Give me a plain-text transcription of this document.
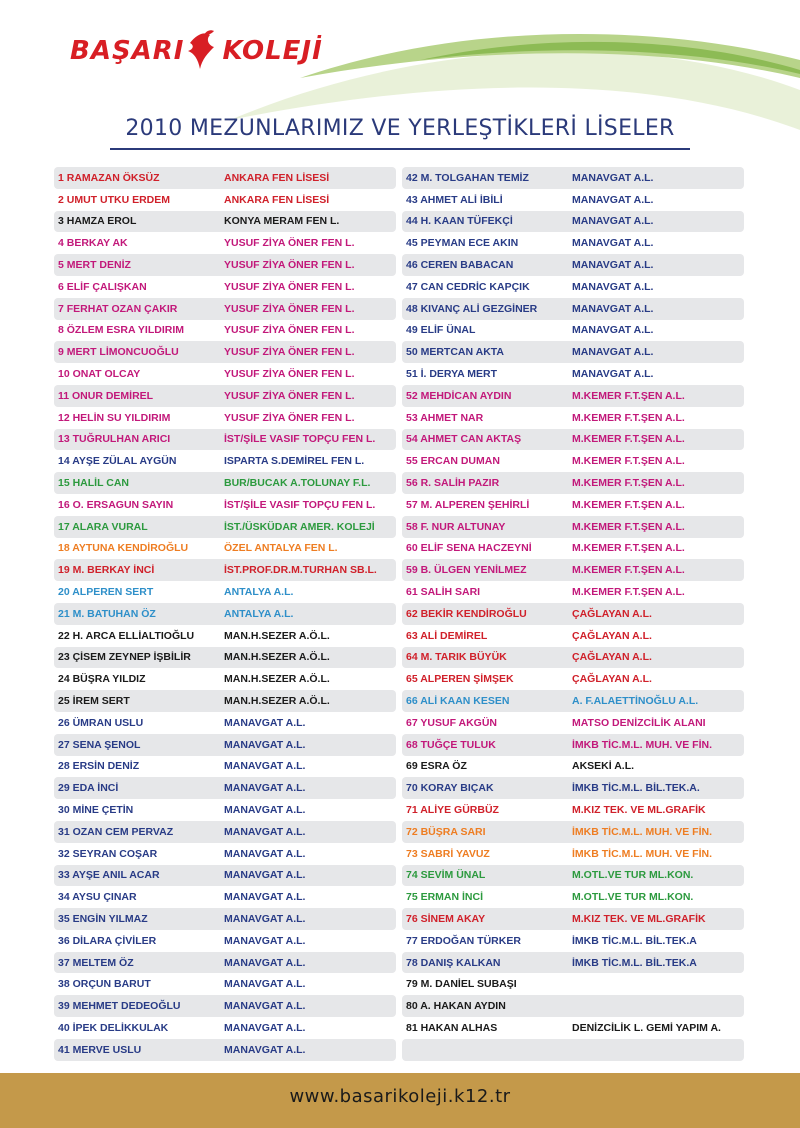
BAŞARI KOLEJİ
2010 MEZUNLARIMIZ VE YERLEŞTİKLERİ LİSELER
1 RAMAZAN ÖKSÜZ	ANKARA FEN LİSESİ
2 UMUT UTKU ERDEM	ANKARA FEN LİSESİ
3 HAMZA EROL	KONYA MERAM FEN L.
4 BERKAY AK	YUSUF ZİYA ÖNER FEN L.
5 MERT DENİZ	YUSUF ZİYA ÖNER FEN L.
6 ELİF ÇALIŞKAN	YUSUF ZİYA ÖNER FEN L.
7 FERHAT OZAN ÇAKIR	YUSUF ZİYA ÖNER FEN L.
8 ÖZLEM ESRA YILDIRIM	YUSUF ZİYA ÖNER FEN L.
9 MERT LİMONCUOĞLU	YUSUF ZİYA ÖNER FEN L.
10 ONAT OLCAY	YUSUF ZİYA ÖNER FEN L.
11 ONUR DEMİREL	YUSUF ZİYA ÖNER FEN L.
12 HELİN SU YILDIRIM	YUSUF ZİYA ÖNER FEN L.
13 TUĞRULHAN ARICI	İST/ŞİLE VASIF TOPÇU FEN L.
14 AYŞE ZÜLAL AYGÜN	ISPARTA S.DEMİREL FEN L.
15 HALİL CAN	BUR/BUCAK A.TOLUNAY F.L.
16 O. ERSAGUN SAYIN	İST/ŞİLE VASIF TOPÇU FEN L.
17 ALARA VURAL	İST./ÜSKÜDAR AMER. KOLEJİ
18 AYTUNA KENDİROĞLU	ÖZEL ANTALYA FEN L.
19 M. BERKAY İNCİ	İST.PROF.DR.M.TURHAN SB.L.
20 ALPEREN SERT	ANTALYA A.L.
21 M. BATUHAN ÖZ	ANTALYA A.L.
22 H. ARCA ELLİALTIOĞLU	MAN.H.SEZER A.Ö.L.
23 ÇİSEM ZEYNEP İŞBİLİR	MAN.H.SEZER A.Ö.L.
24 BÜŞRA YILDIZ	MAN.H.SEZER A.Ö.L.
25 İREM SERT	MAN.H.SEZER A.Ö.L.
26 ÜMRAN USLU	MANAVGAT A.L.
27 SENA ŞENOL	MANAVGAT A.L.
28 ERSİN DENİZ	MANAVGAT A.L.
29 EDA İNCİ	MANAVGAT A.L.
30 MİNE ÇETİN	MANAVGAT A.L.
31 OZAN CEM PERVAZ	MANAVGAT A.L.
32 SEYRAN COŞAR	MANAVGAT A.L.
33 AYŞE ANIL ACAR	MANAVGAT A.L.
34 AYSU ÇINAR	MANAVGAT A.L.
35 ENGİN YILMAZ	MANAVGAT A.L.
36 DİLARA ÇİVİLER	MANAVGAT A.L.
37 MELTEM ÖZ	MANAVGAT A.L.
38 ORÇUN BARUT	MANAVGAT A.L.
39 MEHMET DEDEOĞLU	MANAVGAT A.L.
40 İPEK DELİKKULAK	MANAVGAT A.L.
41 MERVE USLU	MANAVGAT A.L.
42 M. TOLGAHAN TEMİZ	MANAVGAT A.L.
43 AHMET ALİ İBİLİ	MANAVGAT A.L.
44 H. KAAN TÜFEKÇİ	MANAVGAT A.L.
45 PEYMAN ECE AKIN	MANAVGAT A.L.
46 CEREN BABACAN	MANAVGAT A.L.
47 CAN CEDRİC KAPÇIK	MANAVGAT A.L.
48 KIVANÇ ALİ GEZGİNER	MANAVGAT A.L.
49 ELİF ÜNAL	MANAVGAT A.L.
50 MERTCAN AKTA	MANAVGAT A.L.
51 İ. DERYA MERT	MANAVGAT A.L.
52 MEHDİCAN AYDIN	M.KEMER F.T.ŞEN A.L.
53 AHMET NAR	M.KEMER F.T.ŞEN A.L.
54 AHMET CAN AKTAŞ	M.KEMER F.T.ŞEN A.L.
55 ERCAN DUMAN	M.KEMER F.T.ŞEN A.L.
56 R. SALİH PAZIR	M.KEMER F.T.ŞEN A.L.
57 M. ALPEREN ŞEHİRLİ	M.KEMER F.T.ŞEN A.L.
58 F. NUR ALTUNAY	M.KEMER F.T.ŞEN A.L.
60 ELİF SENA HACZEYNİ	M.KEMER F.T.ŞEN A.L.
59 B. ÜLGEN YENİLMEZ	M.KEMER F.T.ŞEN A.L.
61 SALİH SARI	M.KEMER F.T.ŞEN A.L.
62 BEKİR KENDİROĞLU	ÇAĞLAYAN A.L.
63 ALİ DEMİREL	ÇAĞLAYAN A.L.
64 M. TARIK BÜYÜK	ÇAĞLAYAN A.L.
65 ALPEREN ŞİMŞEK	ÇAĞLAYAN A.L.
66 ALİ KAAN KESEN	A. F.ALAETTİNOĞLU A.L.
67 YUSUF AKGÜN	MATSO DENİZCİLİK ALANI
68 TUĞÇE TULUK	İMKB TİC.M.L. MUH. VE FİN.
69 ESRA ÖZ	AKSEKİ A.L.
70 KORAY BIÇAK	İMKB TİC.M.L. BİL.TEK.A.
71 ALİYE GÜRBÜZ	M.KIZ TEK. VE ML.GRAFİK
72 BÜŞRA SARI	İMKB TİC.M.L. MUH. VE FİN.
73 SABRİ YAVUZ	İMKB TİC.M.L. MUH. VE FİN.
74 SEVİM ÜNAL	M.OTL.VE TUR ML.KON.
75 ERMAN İNCİ	M.OTL.VE TUR ML.KON.
76 SİNEM AKAY	M.KIZ TEK. VE ML.GRAFİK
77 ERDOĞAN TÜRKER	İMKB TİC.M.L. BİL.TEK.A
78 DANIŞ KALKAN	İMKB TİC.M.L. BİL.TEK.A
79 M. DANİEL SUBAŞI
80 A. HAKAN AYDIN
81 HAKAN ALHAS	DENİZCİLİK L. GEMİ YAPIM A.
www.basarikoleji.k12.tr
